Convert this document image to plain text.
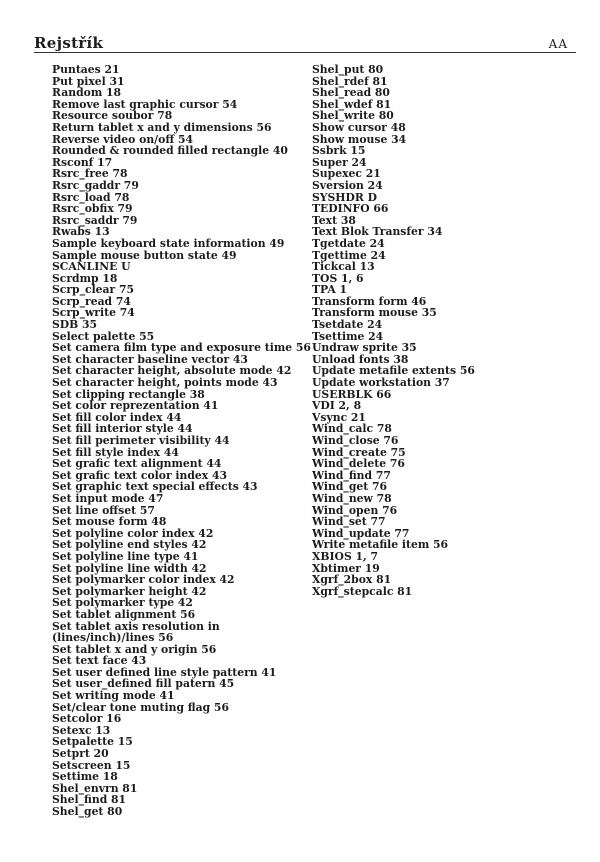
Rejstřík	AA
Puntaes 21
Put pixel 31
Random 18
Remove last graphic cursor 54
Resource soubor 78
Return tablet x and y dimensions 56
Reverse video on/off 54
Rounded & rounded filled rectangle 40
Rsconf 17
Rsrc_free 78
Rsrc_gaddr 79
Rsrc_load 78
Rsrc_obfix 79
Rsrc_saddr 79
Rwabs 13
Sample keyboard state information 49
Sample mouse button state 49
SCANLINE U
Scrdmp 18
Scrp_clear 75
Scrp_read 74
Scrp_write 74
SDB 35
Select palette 55
Set camera film type and exposure time 56
Set character baseline vector 43
Set character height, absolute mode 42
Set character height, points mode 43
Set clipping rectangle 38
Set color reprezentation 41
Set fill color index 44
Set fill interior style 44
Set fill perimeter visibility 44
Set fill style index 44
Set grafic text alignment 44
Set grafic text color index 43
Set graphic text special effects 43
Set input mode 47
Set line offset 57
Set mouse form 48
Set polyline color index 42
Set polyline end styles 42
Set polyline line type 41
Set polyline line width 42
Set polymarker color index 42
Set polymarker height 42
Set polymarker type 42
Set tablet alignment 56
Set tablet axis resolution in (lines/inch)/lines 56
Set tablet x and y origin 56
Set text face 43
Set user defined line style pattern 41
Set user_defined fill patern 45
Set writing mode 41
Set/clear tone muting flag 56
Setcolor 16
Setexc 13
Setpalette 15
Setprt 20
Setscreen 15
Settime 18
Shel_envrn 81
Shel_find 81
Shel_get 80
Shel_put 80
Shel_rdef 81
Shel_read 80
Shel_wdef 81
Shel_write 80
Show cursor 48
Show mouse 34
Ssbrk 15
Super 24
Supexec 21
Sversion 24
SYSHDR D
TEDINFO 66
Text 38
Text Blok Transfer 34
Tgetdate 24
Tgettime 24
Tickcal 13
TOS 1, 6
TPA 1
Transform form 46
Transform mouse 35
Tsetdate 24
Tsettime 24
Undraw sprite 35
Unload fonts 38
Update metafile extents 56
Update workstation 37
USERBLK 66
VDI 2, 8
Vsync 21
Wind_calc 78
Wind_close 76
Wind_create 75
Wind_delete 76
Wind_find 77
Wind_get 76
Wind_new 78
Wind_open 76
Wind_set 77
Wind_update 77
Write metafile item 56
XBIOS 1, 7
Xbtimer 19
Xgrf_2box 81
Xgrf_stepcalc 81
